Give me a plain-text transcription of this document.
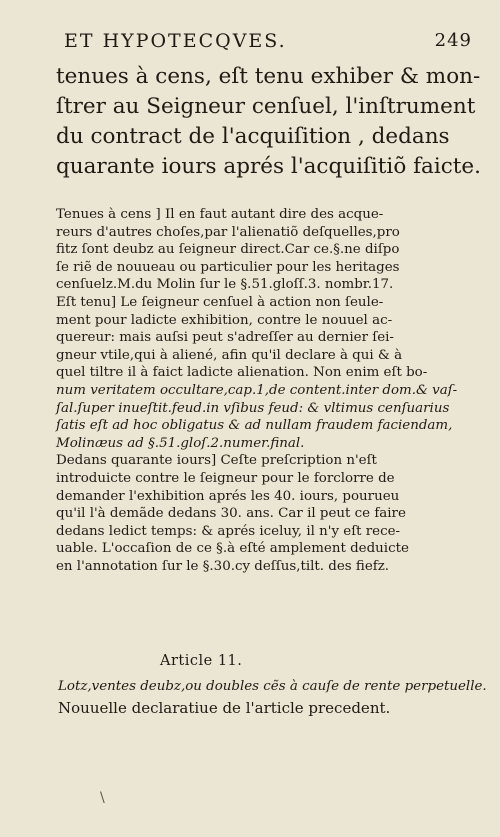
ET HYPOTECQVES.	249
tenues à cens, eſt tenu exhiber & mon-
ſtrer au Seigneur cenſuel, l'inſtrument
du contract de l'acquiſition , dedans
quarante iours aprés l'acquiſitiõ faicte.
Tenues à cens ] Il en faut autant dire des acque-
reurs d'autres choſes,par l'alienatiõ deſquelles,pro
fitz ſont deubz au ſeigneur direct.Car ce.§.ne diſpo
ſe riẽ de nouueau ou particulier pour les heritages
cenſuelz.M.du Molin ſur le §.51.gloſſ.3. nombr.17.
Eſt tenu] Le ſeigneur cenſuel à action non ſeule-
ment pour ladicte exhibition, contre le nouuel ac-
quereur: mais auſsi peut s'adreſſer au dernier ſei-
gneur vtile,qui à aliené, afin qu'il declare à qui & à
quel tiltre il à faict ladicte alienation. Non enim eſt bo-
num veritatem occultare,cap.1,de content.inter dom.& vaſ-
ſal.ſuper inueſtit.feud.in vſibus feud: & vltimus cenſuarius
ſatis eſt ad hoc obligatus & ad nullam fraudem faciendam,
Molinæus ad §.51.gloſ.2.numer.final.
Dedans quarante iours] Ceſte preſcription n'eſt
introduicte contre le ſeigneur pour le forclorre de
demander l'exhibition aprés les 40. iours, pourueu
qu'il l'à demãde dedans 30. ans. Car il peut ce faire
dedans ledict temps: & aprés iceluy, il n'y eſt rece-
uable. L'occaſion de ce §.à eſté amplement deduicte
en l'annotation ſur le §.30.cy deſſus,tilt. des fiefz.
Article 11.
Lotz,ventes deubz,ou doubles cẽs à cauſe de rente perpetuelle.
Nouuelle declaratiue de l'article precedent.
\
